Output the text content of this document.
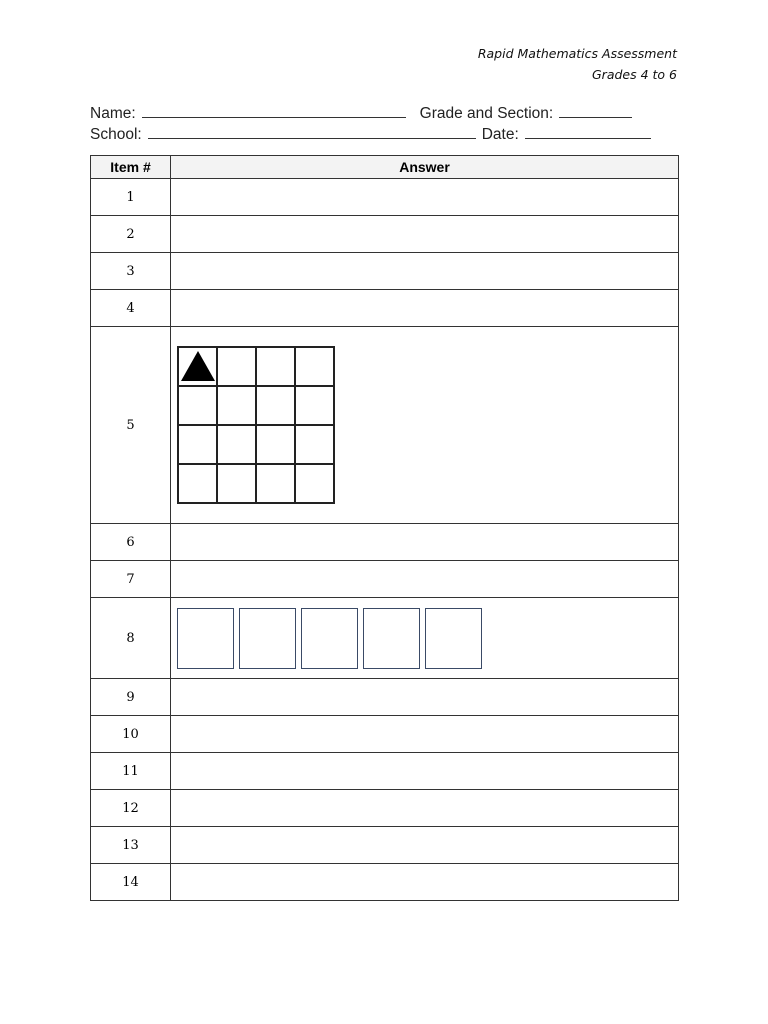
Rapid Mathematics Assessment
Grades 4 to 6
Name:	Grade and Section:
School:	Date:
Item #	Answer
1	
2	
3	
4	
5	

6	
7	
8	

9	
10	
11	
12	
13	
14	
